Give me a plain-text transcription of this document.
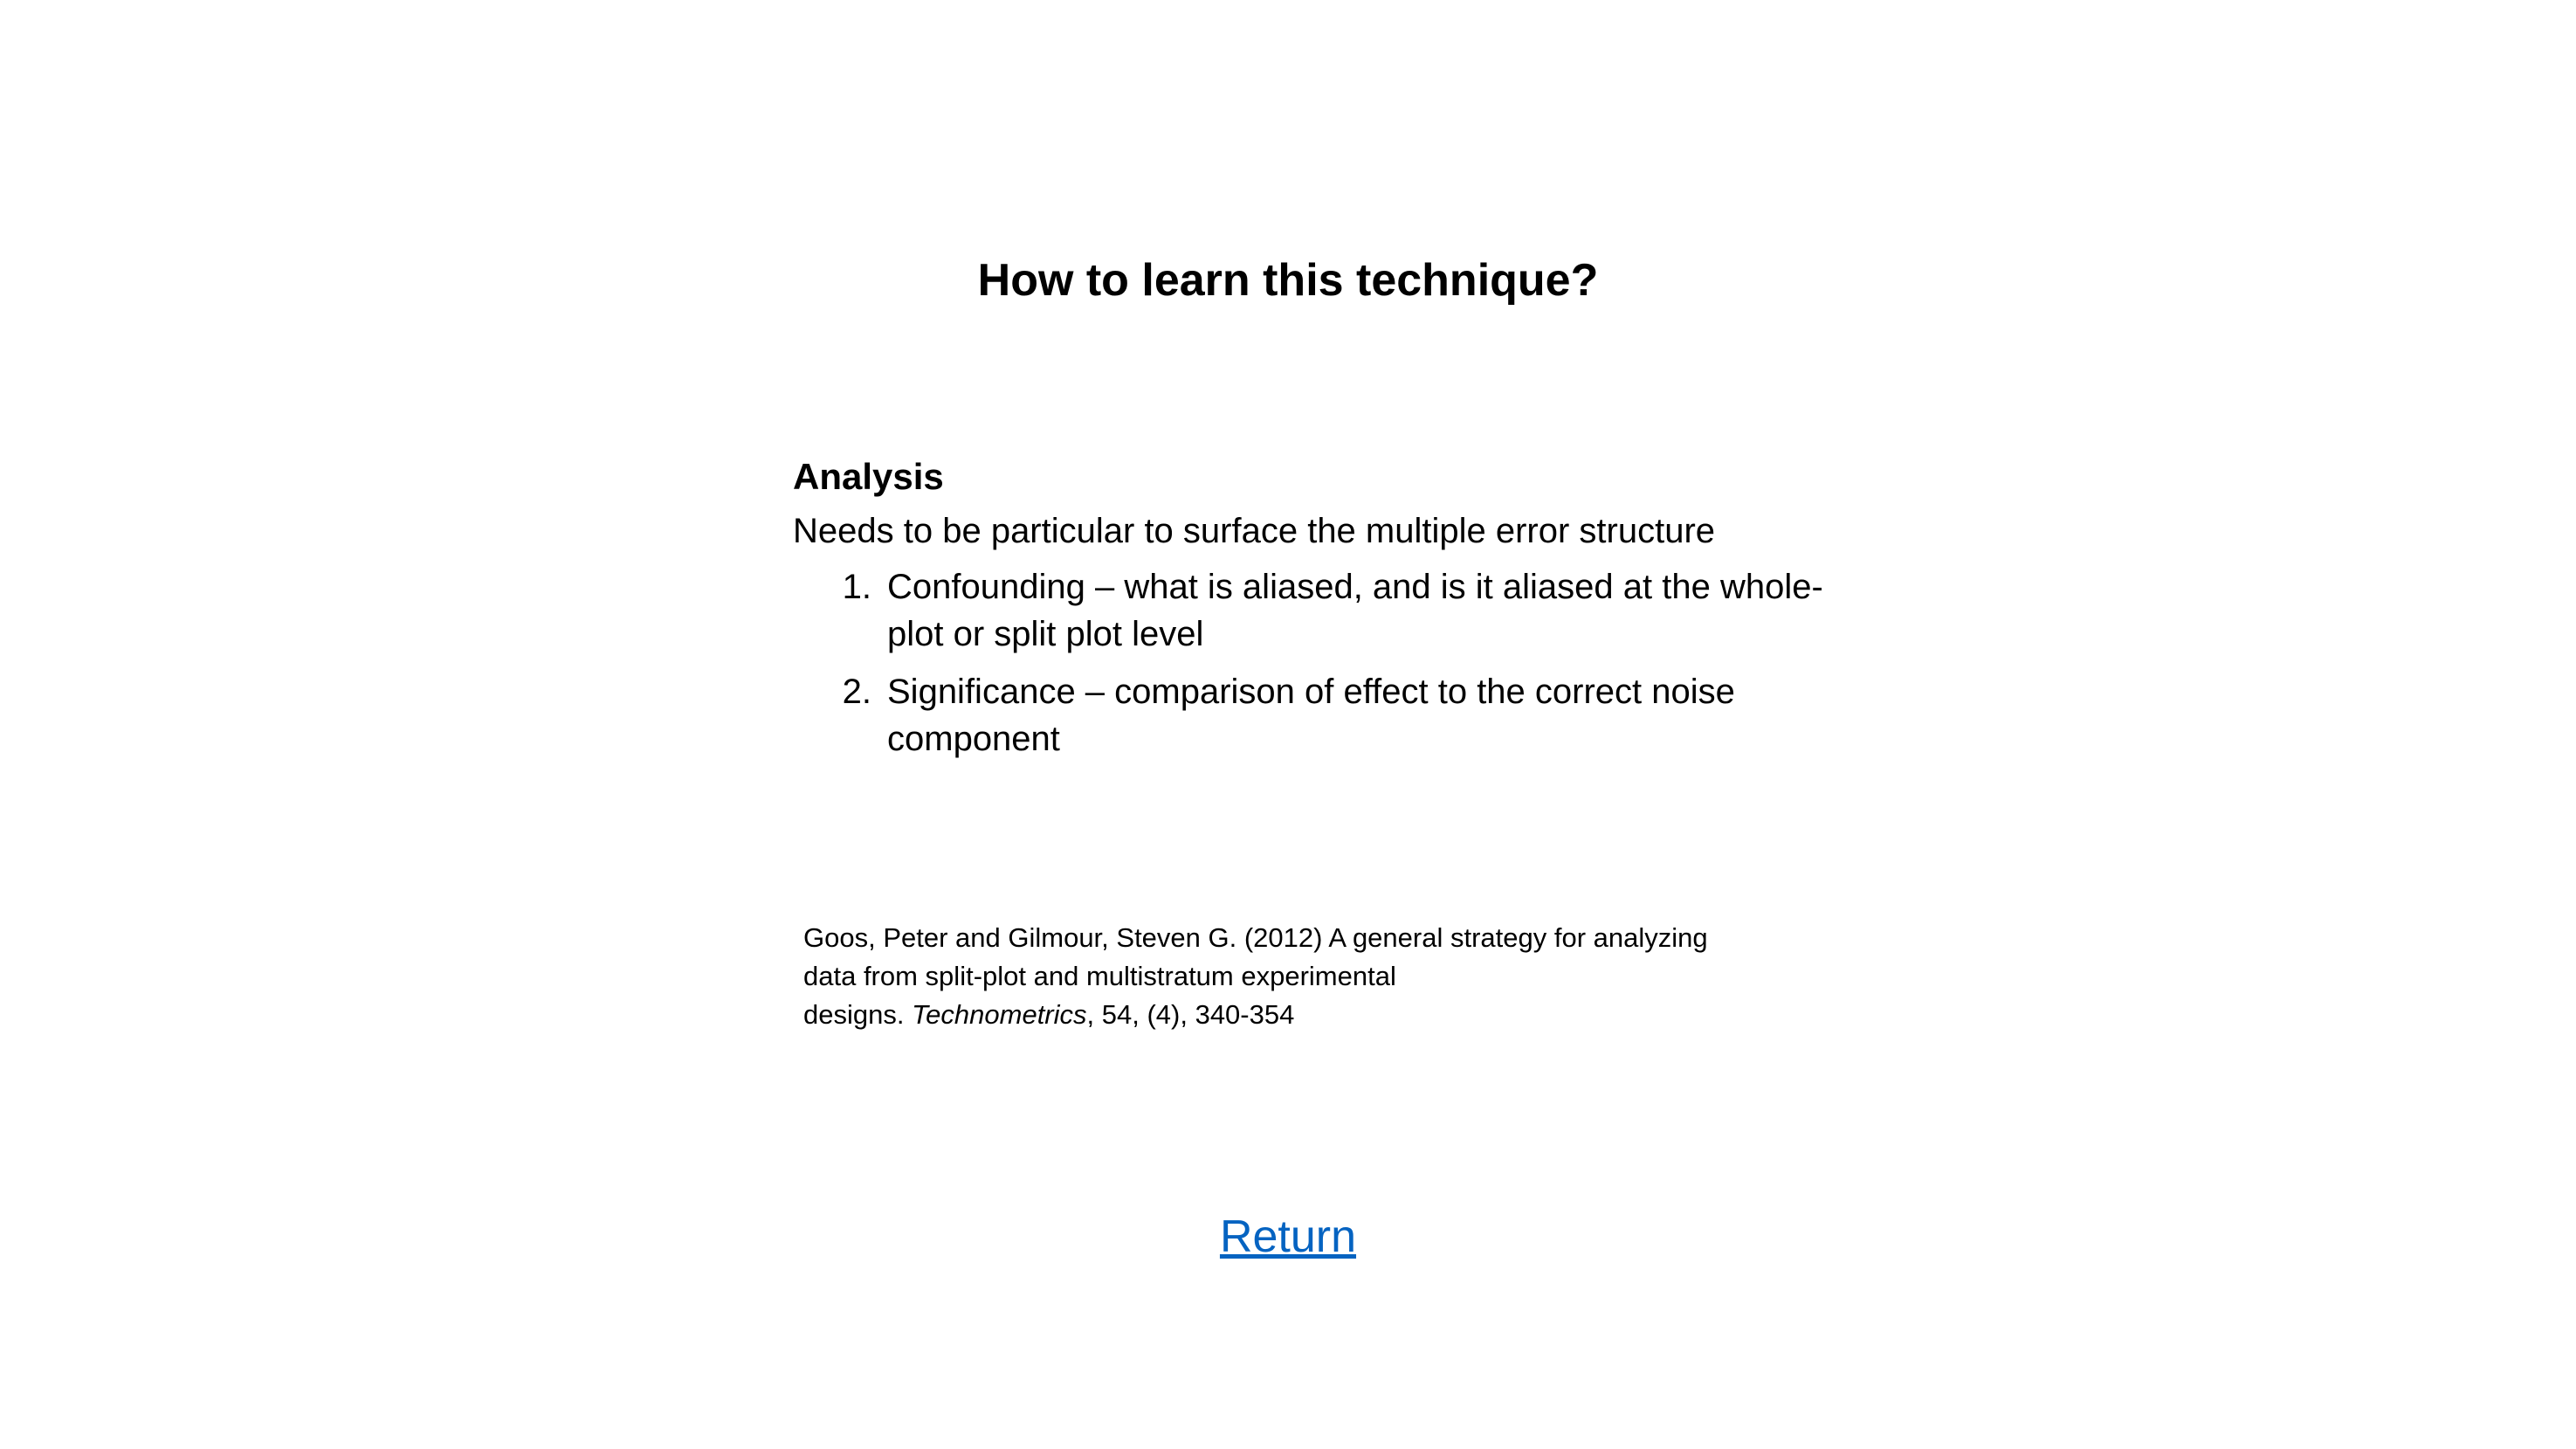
How to learn this technique?

Analysis

Needs to be particular to surface the multiple error structure

1. Confounding – what is aliased, and is it aliased at the whole-plot or split plot level
2. Significance – comparison of effect to the correct noise component

Goos, Peter and Gilmour, Steven G. (2012) A general strategy for analyzing
data from split-plot and multistratum experimental
designs. Technometrics, 54, (4), 340-354

Return
